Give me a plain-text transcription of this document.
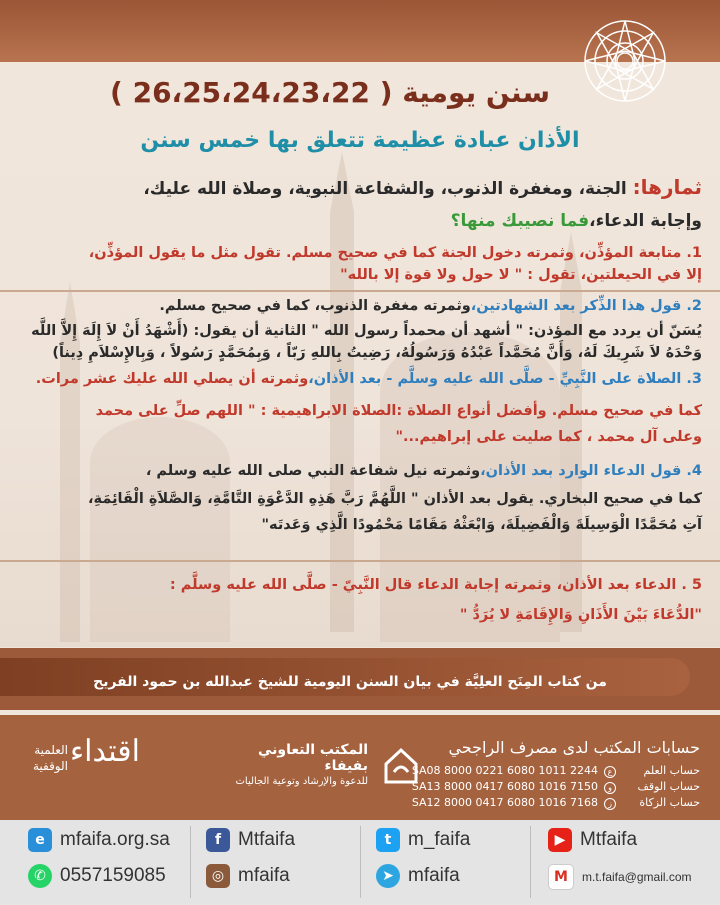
سنن يومية ( 26،25،24،23،22 )
الأذان عبادة عظيمة تتعلق بها خمس سنن
ثمارها: الجنة، ومغفرة الذنوب، والشفاعة النبوية، وصلاة الله عليك،
وإجابة الدعاء،فما نصيبك منها؟
1. متابعة المؤذِّن، وثمرته دخول الجنة كما في صحيح مسلم. تقول مثل ما يقول المؤذِّن،
إلا في الحيعلتين، تقول : " لا حول ولا قوة إلا بالله"
2. قول هذا الذِّكر بعد الشهادتين،وثمرته مغفرة الذنوب، كما في صحيح مسلم.
يُسَنّ أن يردد مع المؤذن: " أشهد أن محمداً رسول الله " الثانية أن يقول: (أَشْهَدُ أَنْ لاَ إِلَهَ إِلاَّ اللَّه
وَحْدَهُ لاَ شَرِيكَ لَهُ، وَأَنَّ مُحَمَّداً عَبْدُهُ وَرَسُولُهُ، رَضِيتُ بِاللهِ رَبّاً ، وَبِمُحَمَّدٍ رَسُولاً ، وَبِالإِسْلاَمِ دِيناً)
3. الصلاة على النَّبِيِّ - صلَّى الله عليه وسلَّم - بعد الأذان،وثمرته أن يصلي الله عليك عشر مرات.
كما في صحيح مسلم. وأفضل أنواع الصلاة :الصلاة الابراهيمية : " اللهم صلِّ على محمد
وعلى آل محمد ، كما صليت على إبراهيم..."
4. قول الدعاء الوارد بعد الأذان،وثمرته نيل شفاعة النبي صلى الله عليه وسلم ،
كما في صحيح البخاري. يقول بعد الأذان " اللَّهُمَّ رَبَّ هَذِهِ الدَّعْوَةِ التَّامَّةِ، وَالصَّلاَةِ الْقَائِمَةِ،
آتِ مُحَمَّدًا الْوَسِيلَةَ وَالْفَضِيلَةَ، وَابْعَثْهُ مَقَامًا مَحْمُودًا الَّذِي وَعَدتَه"
5 . الدعاء بعد الأذان، وثمرته إجابة الدعاء قال النَّبِيّ - صلَّى الله عليه وسلَّم :
"الدُّعَاءَ بَيْنَ الأَذَانِ وَالإِقَامَةِ لا يُرَدُّ "
من كتاب المِنَح العلِيَّة في بيان السنن اليومية للشيخ عبدالله بن حمود الفريح
حسابات المكتب لدى مصرف الراجحي
حساب العلمعSA08 8000 0221 6080 1011 2244
حساب الوقفوSA13 8000 0417 6080 1016 7150
حساب الزكاةزSA12 8000 0417 6080 1016 7168
المكتب التعاوني بفيفاء
للدعوة والإرشاد وتوعية الجاليات
اقتداء
العلمية
الوقفية
e mfaifa.org.sa	f Mtfaifa	t m_faifa	▶ Mtfaifa
✆ 0557159085	◎ mfaifa	➤ mfaifa	M	m.t.faifa@gmail.com
